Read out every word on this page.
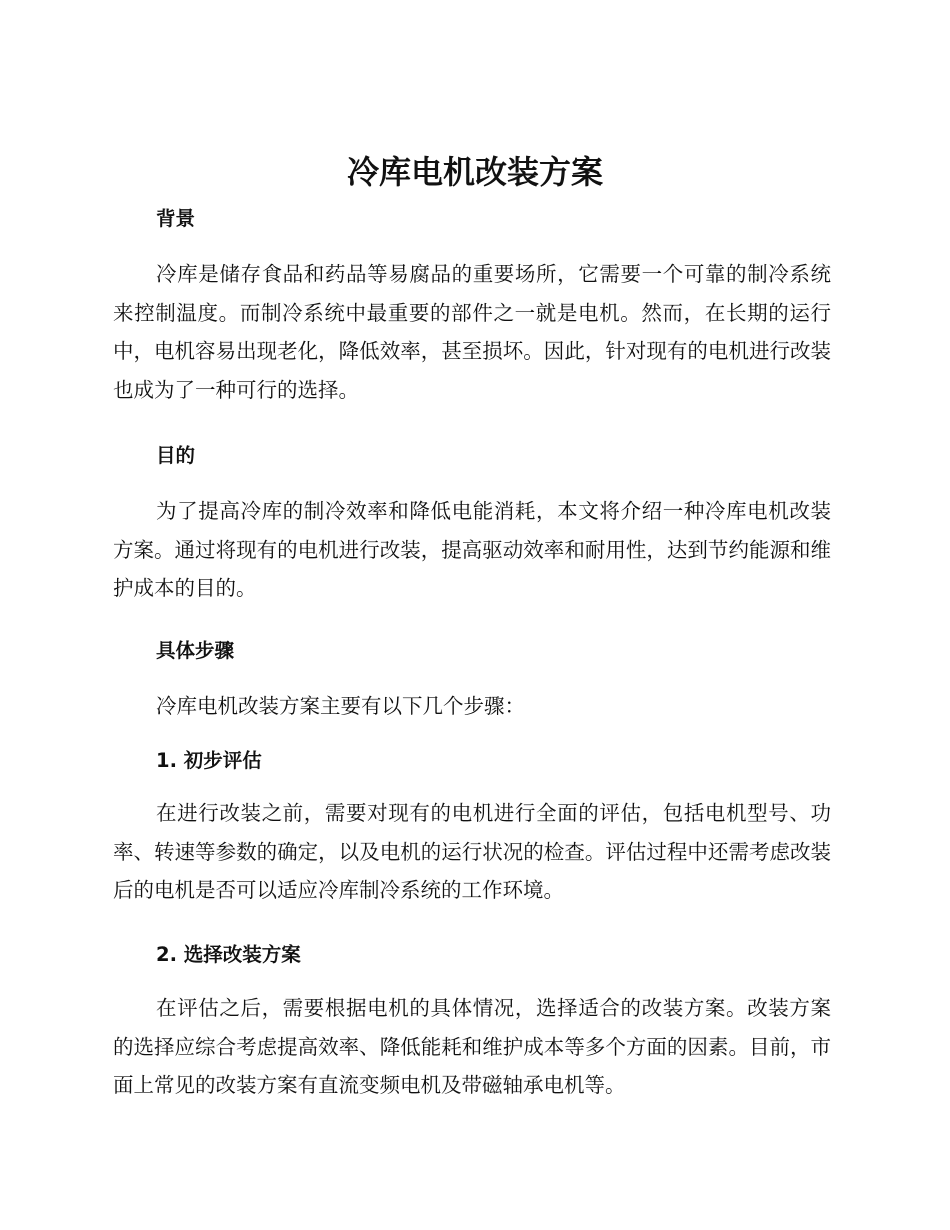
冷库电机改装方案
背景

冷库是储存食品和药品等易腐品的重要场所，它需要一个可靠的制冷系统来控制温度。而制冷系统中最重要的部件之一就是电机。然而，在长期的运行中，电机容易出现老化，降低效率，甚至损坏。因此，针对现有的电机进行改装也成为了一种可行的选择。

目的

为了提高冷库的制冷效率和降低电能消耗，本文将介绍一种冷库电机改装方案。通过将现有的电机进行改装，提高驱动效率和耐用性，达到节约能源和维护成本的目的。

具体步骤

冷库电机改装方案主要有以下几个步骤：

1. 初步评估

在进行改装之前，需要对现有的电机进行全面的评估，包括电机型号、功率、转速等参数的确定，以及电机的运行状况的检查。评估过程中还需考虑改装后的电机是否可以适应冷库制冷系统的工作环境。

2. 选择改装方案

在评估之后，需要根据电机的具体情况，选择适合的改装方案。改装方案的选择应综合考虑提高效率、降低能耗和维护成本等多个方面的因素。目前，市面上常见的改装方案有直流变频电机及带磁轴承电机等。
